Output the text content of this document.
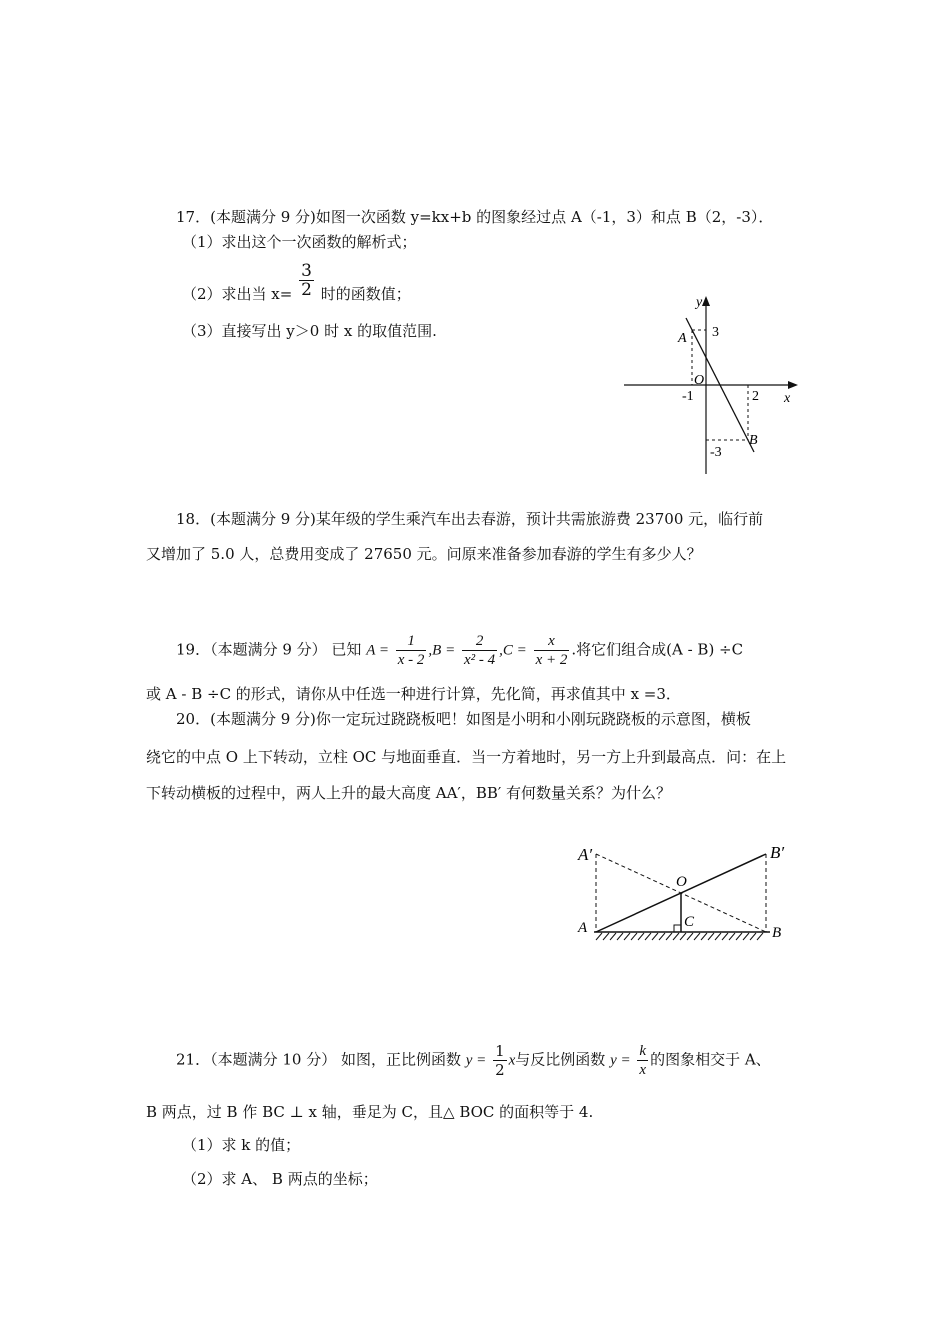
17．(本题满分 9 分)如图一次函数 y=kx+b 的图象经过点 A（-1，3）和点 B（2，-3）．
（1）求出这个一次函数的解析式；
（2）求出当 $x= \frac{3}{2}$ 时的函数值；
（3）直接写出 y＞0 时 x 的取值范围.
y
x
O
A
B
3
-1	2
-3
18．(本题满分 9 分)某年级的学生乘汽车出去春游，预计共需旅游费 23700 元，临行前
又增加了 5.0 人，总费用变成了 27650 元。问原来准备参加春游的学生有多少人？
19．（本题满分 9 分） 已知 $A = \frac{1}{x - 2} ,B = \frac{2}{\text{x² - 4}} ,C = \frac{x}{x + 2}$ .将它们组合成(A - B) ÷C
或 A - B ÷C 的形式，请你从中任选一种进行计算，先化简，再求值其中 x =3．
20．(本题满分 9 分)你一定玩过跷跷板吧！如图是小明和小刚玩跷跷板的示意图，横板
绕它的中点 O 上下转动，立柱 OC 与地面垂直．当一方着地时，另一方上升到最高点．问：在上
下转动横板的过程中，两人上升的最大高度 AA′，BB′ 有何数量关系？为什么？
A′	B′
O
C
A	B
21．（本题满分 10 分） 如图，正比例函数 $y = \frac{1}{2}$ x与反比例函数 $y = \frac{k}{x}$ 的图象相交于 A、
B 两点，过 B 作 BC ⊥ x 轴，垂足为 C，且△ BOC 的面积等于 4.
（1）求 k 的值；
（2）求 A、 B 两点的坐标；
